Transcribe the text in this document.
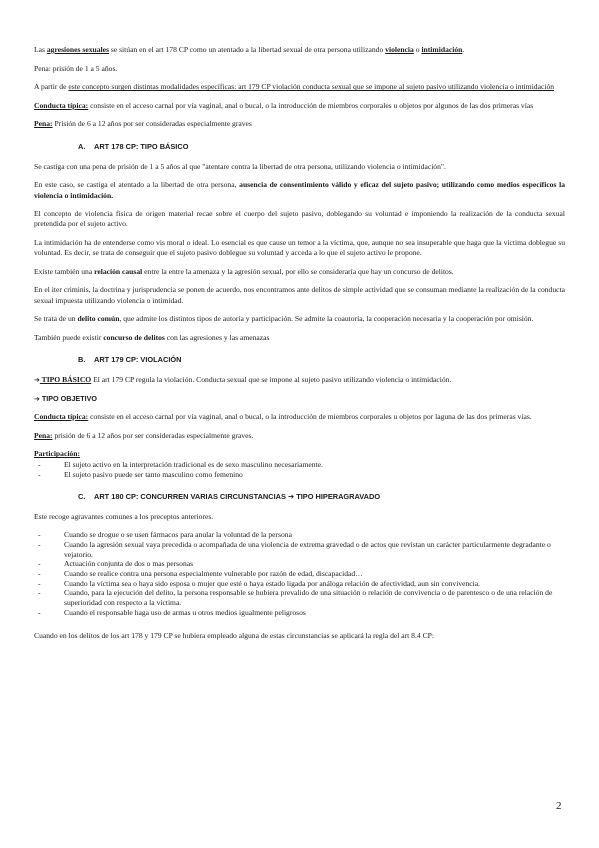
Las agresiones sexuales se sitúan en el art 178 CP como un atentado a la libertad sexual de otra persona utilizando violencia o intimidación.

Pena: prisión de 1 a 5 años.

A partir de este concepto surgen distintas modalidades específicas: art 179 CP violación conducta sexual que se impone al sujeto pasivo utilizando violencia o intimidación

Conducta típica: consiste en el acceso carnal por vía vaginal, anal o bucal, o la introducción de miembros corporales u objetos por algunos de las dos primeras vías

Pena: Prisión de 6 a 12 años por ser consideradas especialmente graves

A. ART 178 CP: TIPO BÁSICO

Se castiga con una pena de prisión de 1 a 5 años al que "atentare contra la libertad de otra persona, utilizando violencia o intimidación".

En este caso, se castiga el atentado a la libertad de otra persona, ausencia de consentimiento válido y eficaz del sujeto pasivo; utilizando como medios específicos la violencia o intimidación.

El concepto de violencia física de origen material recae sobre el cuerpo del sujeto pasivo, doblegando su voluntad e imponiendo la realización de la conducta sexual pretendida por el sujeto activo.

La intimidación ha de entenderse como vis moral o ideal. Lo esencial es que cause un temor a la víctima, que, aunque no sea insuperable que haga que la víctima doblegue su voluntad. Es decir, se trata de conseguir que el sujeto pasivo doblegue su voluntad y acceda a lo que el sujeto activo le propone.

Existe también una relación causal entre la entre la amenaza y la agresión sexual, por ello se consideraría que hay un concurso de delitos.

En el iter criminis, la doctrina y jurisprudencia se ponen de acuerdo, nos encontramos ante delitos de simple actividad que se consuman mediante la realización de la conducta sexual impuesta utilizando violencia o intimidad.

Se trata de un delito común, que admite los distintos tipos de autoría y participación. Se admite la coautoría, la cooperación necesaria y la cooperación por omisión.

También puede existir concurso de delitos con las agresiones y las amenazas

B. ART 179 CP: VIOLACIÓN

➔ TIPO BÁSICO El art 179 CP regula la violación. Conducta sexual que se impone al sujeto pasivo utilizando violencia o intimidación.

➔ TIPO OBJETIVO

Conducta típica: consiste en el acceso carnal por vía vaginal, anal o bucal, o la introducción de miembros corporales u objetos por laguna de las dos primeras vías.

Pena: prisión de 6 a 12 años por ser consideradas especialmente graves.

Participación:

- El sujeto activo en la interpretación tradicional es de sexo masculino necesariamente.
- El sujeto pasivo puede ser tanto masculino como femenino
C. ART 180 CP: CONCURREN VARIAS CIRCUNSTANCIAS ➔ TIPO HIPERAGRAVADO

Este recoge agravantes comunes a los preceptos anteriores.

- Cuando se drogue o se usen fármacos para anular la voluntad de la persona
- Cuando la agresión sexual vaya precedida o acompañada de una violencia de extrema gravedad o de actos que revistan un carácter particularmente degradante o vejatorio.
- Actuación conjunta de dos o mas personas
- Cuando se realice contra una persona especialmente vulnerable por razón de edad, discapacidad…
- Cuando la víctima sea o haya sido esposa o mujer que esté o haya estado ligada por análoga relación de afectividad, aun sin convivencia.
- Cuando, para la ejecución del delito, la persona responsable se hubiera prevalido de una situación o relación de convivencia o de parentesco o de una relación de superioridad con respecto a la víctima.
- Cuando el responsable haga uso de armas u otros medios igualmente peligrosos

Cuando en los delitos de los art 178 y 179 CP se hubiera empleado alguna de estas circunstancias se aplicará la regla del art 8.4 CP:

2
